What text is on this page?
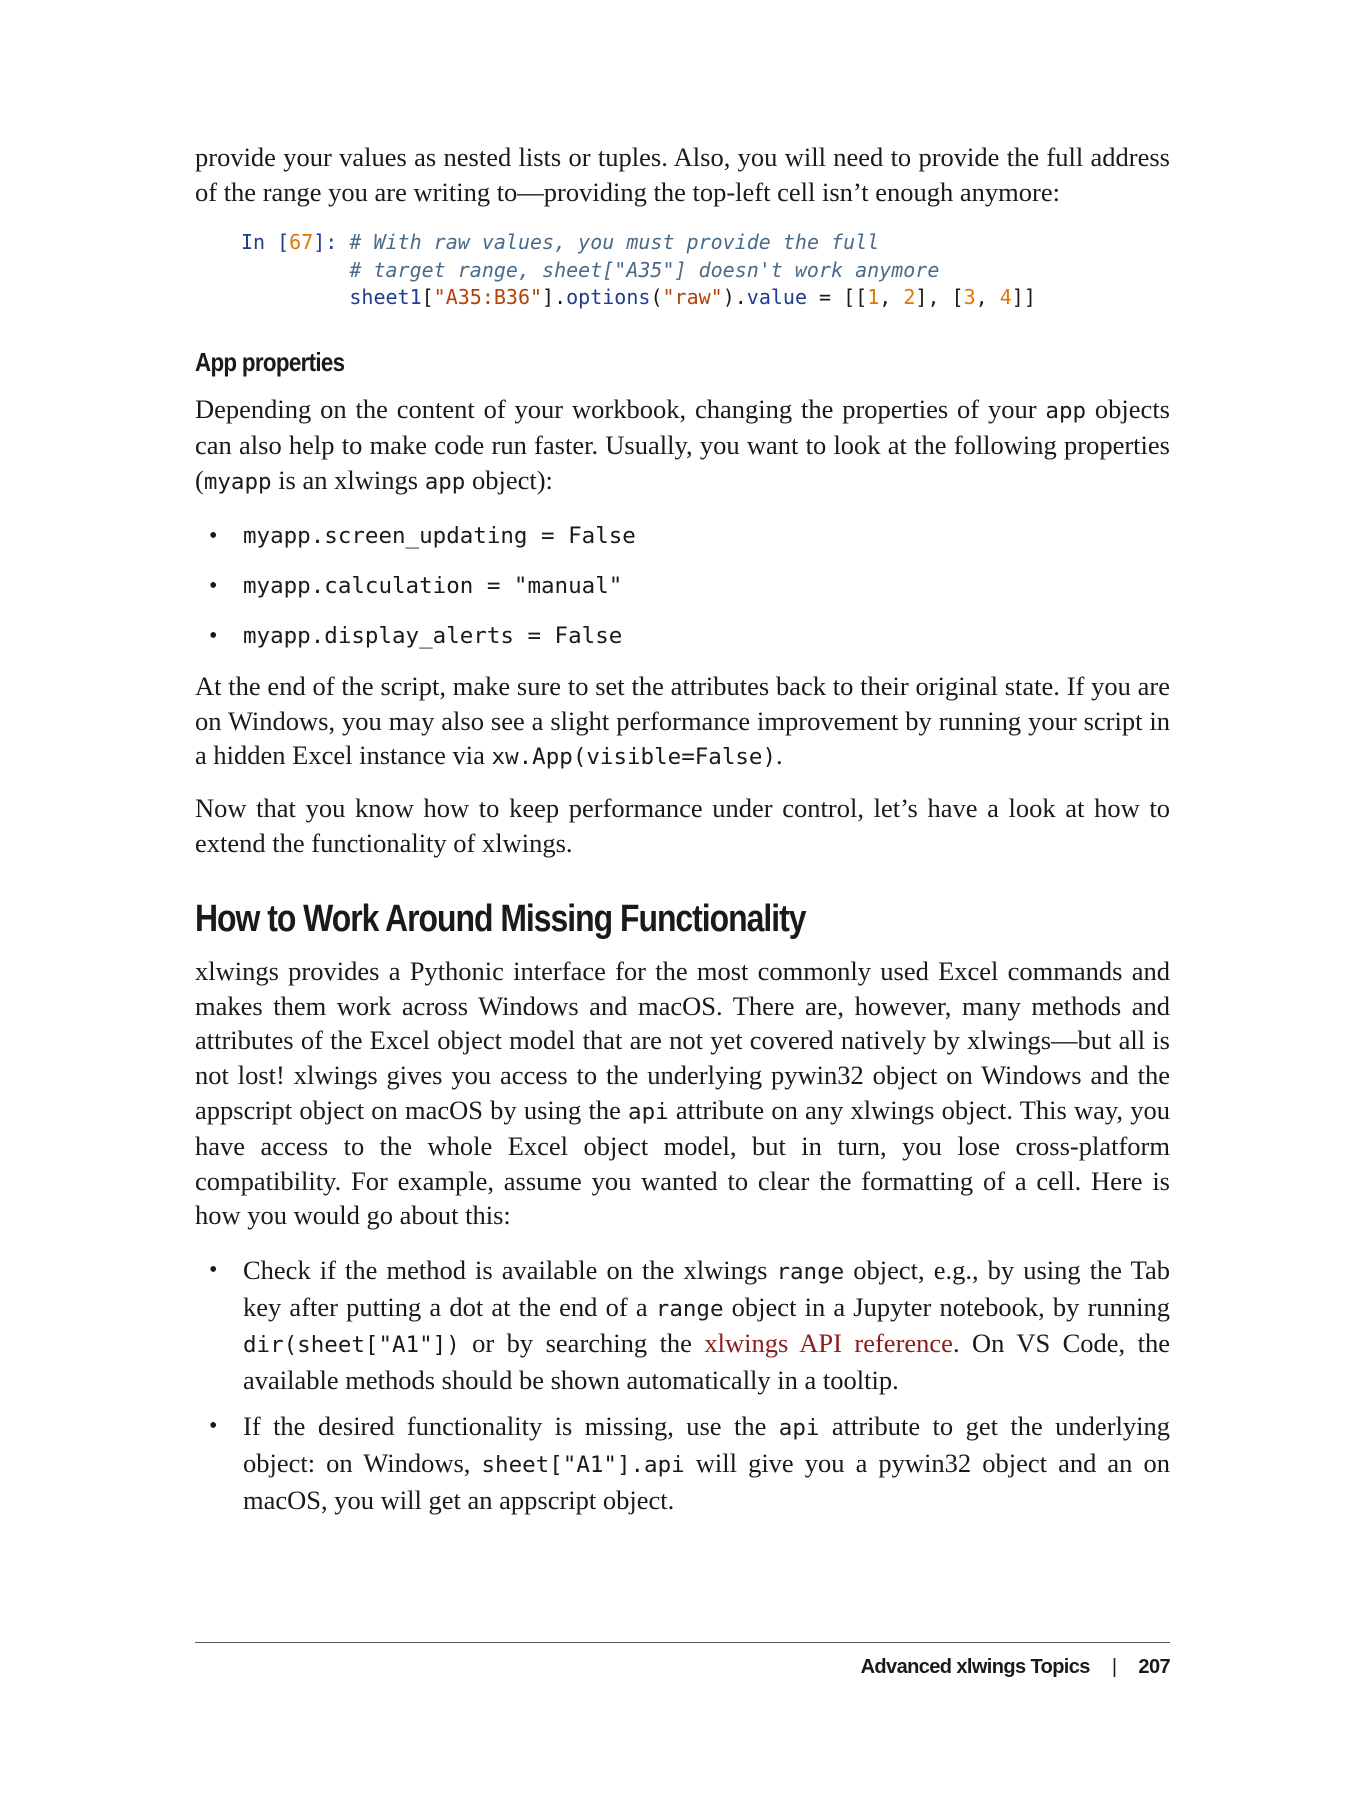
provide your values as nested lists or tuples. Also, you will need to provide the full address of the range you are writing to—providing the top-left cell isn’t enough anymore:

In [67]: # With raw values, you must provide the full
# target range, sheet["A35"] doesn't work anymore
sheet1["A35:B36"].options("raw").value = [[1, 2], [3, 4]]
App properties

Depending on the content of your workbook, changing the properties of your app objects can also help to make code run faster. Usually, you want to look at the following properties (myapp is an xlwings app object):

• myapp.screen_updating = False
• myapp.calculation = "manual"
• myapp.display_alerts = False

At the end of the script, make sure to set the attributes back to their original state. If you are on Windows, you may also see a slight performance improvement by running your script in a hidden Excel instance via xw.App(visible=False).

Now that you know how to keep performance under control, let’s have a look at how to extend the functionality of xlwings.

How to Work Around Missing Functionality

xlwings provides a Pythonic interface for the most commonly used Excel commands and makes them work across Windows and macOS. There are, however, many methods and attributes of the Excel object model that are not yet covered natively by xlwings—but all is not lost! xlwings gives you access to the underlying pywin32 object on Windows and the appscript object on macOS by using the api attribute on any xlwings object. This way, you have access to the whole Excel object model, but in turn, you lose cross-platform compatibility. For example, assume you wanted to clear the formatting of a cell. Here is how you would go about this:

• Check if the method is available on the xlwings range object, e.g., by using the Tab key after putting a dot at the end of a range object in a Jupyter notebook, by running dir(sheet["A1"]) or by searching the xlwings API reference. On VS Code, the available methods should be shown automatically in a tooltip.
• If the desired functionality is missing, use the api attribute to get the underlying object: on Windows, sheet["A1"].api will give you a pywin32 object and an on macOS, you will get an appscript object.
Advanced xlwings Topics | 207
